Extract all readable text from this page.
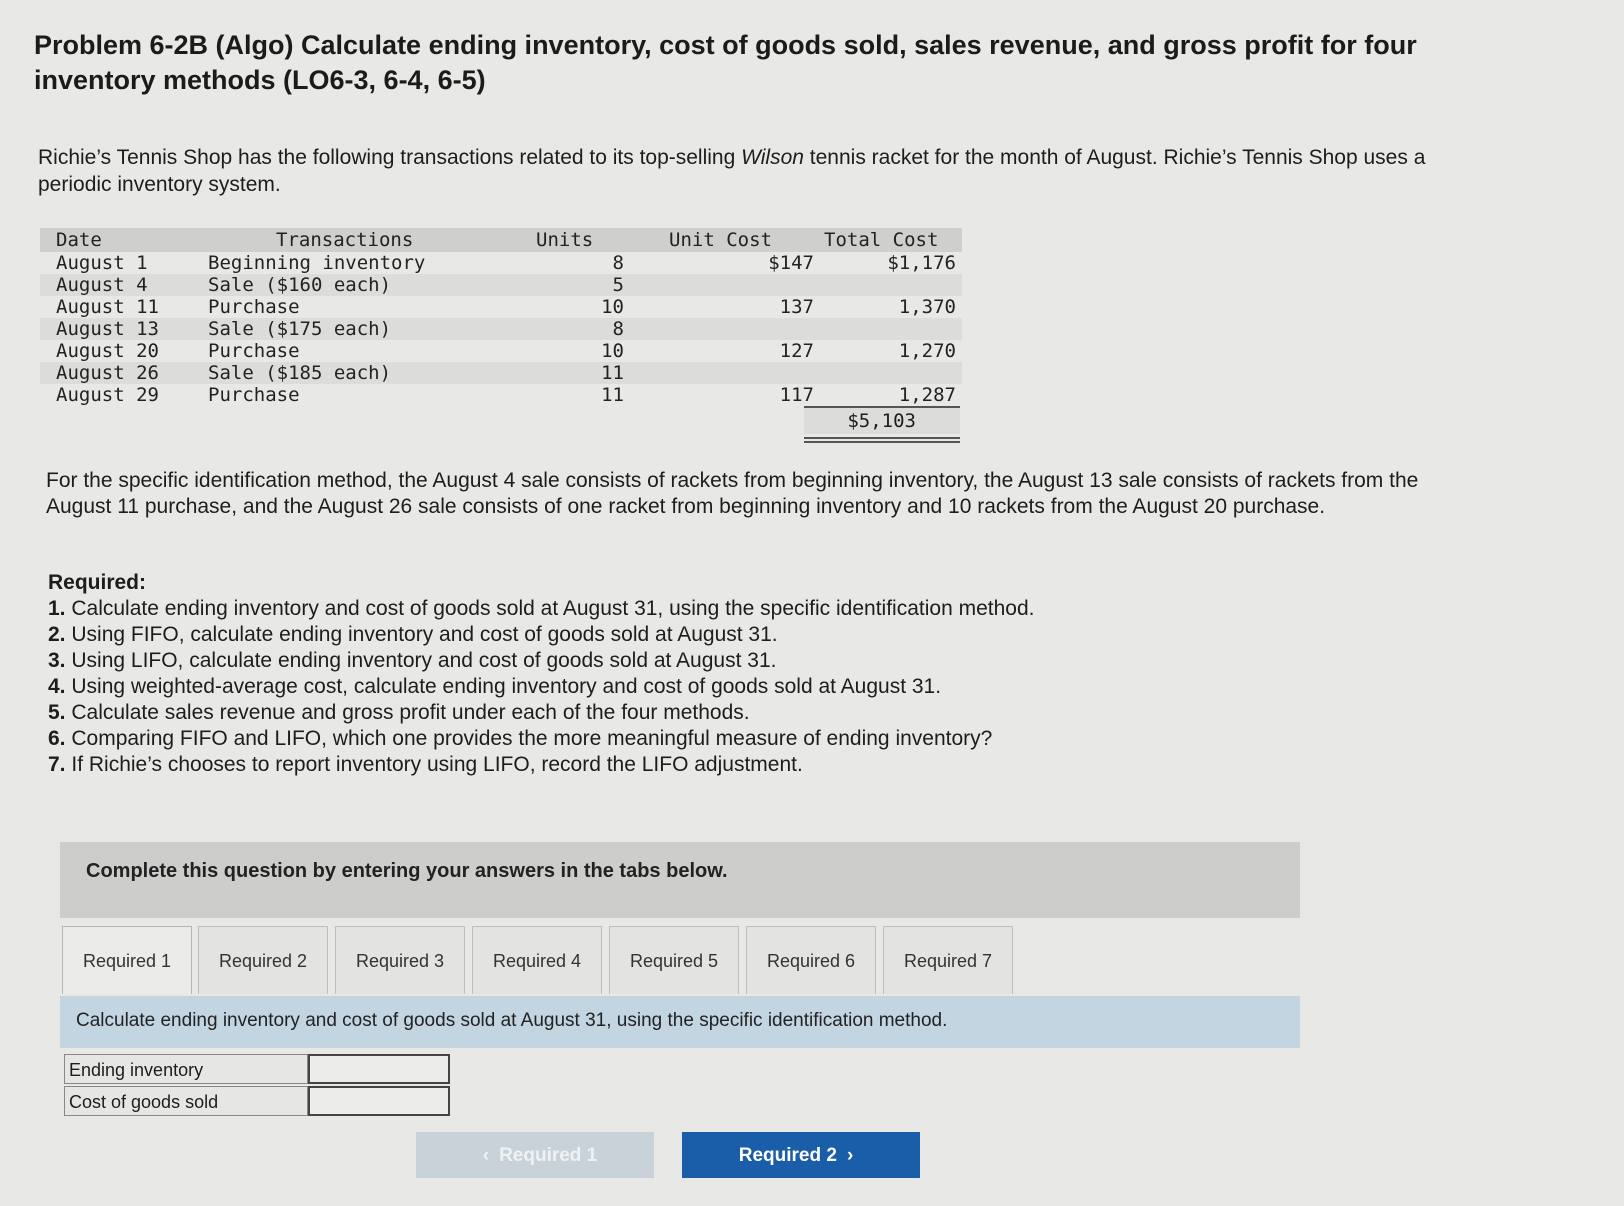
Problem 6-2B (Algo) Calculate ending inventory, cost of goods sold, sales revenue, and gross profit for four inventory methods (LO6-3, 6-4, 6-5)
Richie’s Tennis Shop has the following transactions related to its top-selling Wilson tennis racket for the month of August. Richie’s Tennis Shop uses a periodic inventory system.
Date	Transactions	Units	Unit Cost	Total Cost
August 1	Beginning inventory	8	$147	$1,176
August 4	Sale ($160 each)	5
August 11	Purchase	10	137	1,370
August 13	Sale ($175 each)	8
August 20	Purchase	10	127	1,270
August 26	Sale ($185 each)	11
August 29	Purchase	11	117	1,287
$5,103
For the specific identification method, the August 4 sale consists of rackets from beginning inventory, the August 13 sale consists of rackets from the August 11 purchase, and the August 26 sale consists of one racket from beginning inventory and 10 rackets from the August 20 purchase.
Required:
1. Calculate ending inventory and cost of goods sold at August 31, using the specific identification method.
2. Using FIFO, calculate ending inventory and cost of goods sold at August 31.
3. Using LIFO, calculate ending inventory and cost of goods sold at August 31.
4. Using weighted-average cost, calculate ending inventory and cost of goods sold at August 31.
5. Calculate sales revenue and gross profit under each of the four methods.
6. Comparing FIFO and LIFO, which one provides the more meaningful measure of ending inventory?
7. If Richie’s chooses to report inventory using LIFO, record the LIFO adjustment.
Complete this question by entering your answers in the tabs below.
Required 1	Required 2	Required 3	Required 4	Required 5	Required 6	Required 7
Calculate ending inventory and cost of goods sold at August 31, using the specific identification method.
Ending inventory
Cost of goods sold
‹ Required 1	Required 2 ›
